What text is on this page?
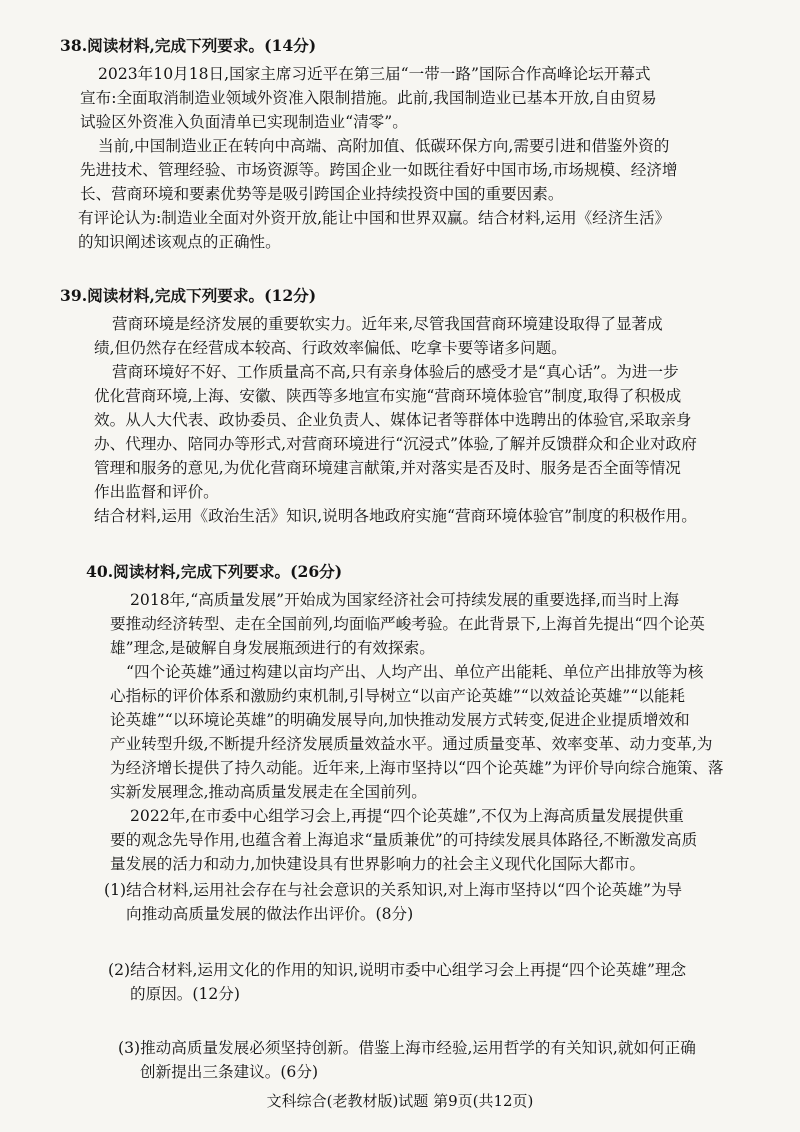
38.阅读材料,完成下列要求。(14分)
2023年10月18日,国家主席习近平在第三届“一带一路”国际合作高峰论坛开幕式
宣布:全面取消制造业领域外资准入限制措施。此前,我国制造业已基本开放,自由贸易
试验区外资准入负面清单已实现制造业“清零”。
当前,中国制造业正在转向中高端、高附加值、低碳环保方向,需要引进和借鉴外资的
先进技术、管理经验、市场资源等。跨国企业一如既往看好中国市场,市场规模、经济增
长、营商环境和要素优势等是吸引跨国企业持续投资中国的重要因素。
有评论认为:制造业全面对外资开放,能让中国和世界双赢。结合材料,运用《经济生活》
的知识阐述该观点的正确性。
39.阅读材料,完成下列要求。(12分)
营商环境是经济发展的重要软实力。近年来,尽管我国营商环境建设取得了显著成
绩,但仍然存在经营成本较高、行政效率偏低、吃拿卡要等诸多问题。
营商环境好不好、工作质量高不高,只有亲身体验后的感受才是“真心话”。为进一步
优化营商环境,上海、安徽、陕西等多地宣布实施“营商环境体验官”制度,取得了积极成
效。从人大代表、政协委员、企业负责人、媒体记者等群体中选聘出的体验官,采取亲身
办、代理办、陪同办等形式,对营商环境进行“沉浸式”体验,了解并反馈群众和企业对政府
管理和服务的意见,为优化营商环境建言献策,并对落实是否及时、服务是否全面等情况
作出监督和评价。
结合材料,运用《政治生活》知识,说明各地政府实施“营商环境体验官”制度的积极作用。
40.阅读材料,完成下列要求。(26分)
2018年,“高质量发展”开始成为国家经济社会可持续发展的重要选择,而当时上海
要推动经济转型、走在全国前列,均面临严峻考验。在此背景下,上海首先提出“四个论英
雄”理念,是破解自身发展瓶颈进行的有效探索。
“四个论英雄”通过构建以亩均产出、人均产出、单位产出能耗、单位产出排放等为核
心指标的评价体系和激励约束机制,引导树立“以亩产论英雄”“以效益论英雄”“以能耗
论英雄”“以环境论英雄”的明确发展导向,加快推动发展方式转变,促进企业提质增效和
产业转型升级,不断提升经济发展质量效益水平。通过质量变革、效率变革、动力变革,为
为经济增长提供了持久动能。近年来,上海市坚持以“四个论英雄”为评价导向综合施策、落
实新发展理念,推动高质量发展走在全国前列。
2022年,在市委中心组学习会上,再提“四个论英雄”,不仅为上海高质量发展提供重
要的观念先导作用,也蕴含着上海追求“量质兼优”的可持续发展具体路径,不断激发高质
量发展的活力和动力,加快建设具有世界影响力的社会主义现代化国际大都市。
(1)结合材料,运用社会存在与社会意识的关系知识,对上海市坚持以“四个论英雄”为导
向推动高质量发展的做法作出评价。(8分)
(2)结合材料,运用文化的作用的知识,说明市委中心组学习会上再提“四个论英雄”理念
的原因。(12分)
(3)推动高质量发展必须坚持创新。借鉴上海市经验,运用哲学的有关知识,就如何正确
创新提出三条建议。(6分)
文科综合(老教材版)试题 第9页(共12页)
